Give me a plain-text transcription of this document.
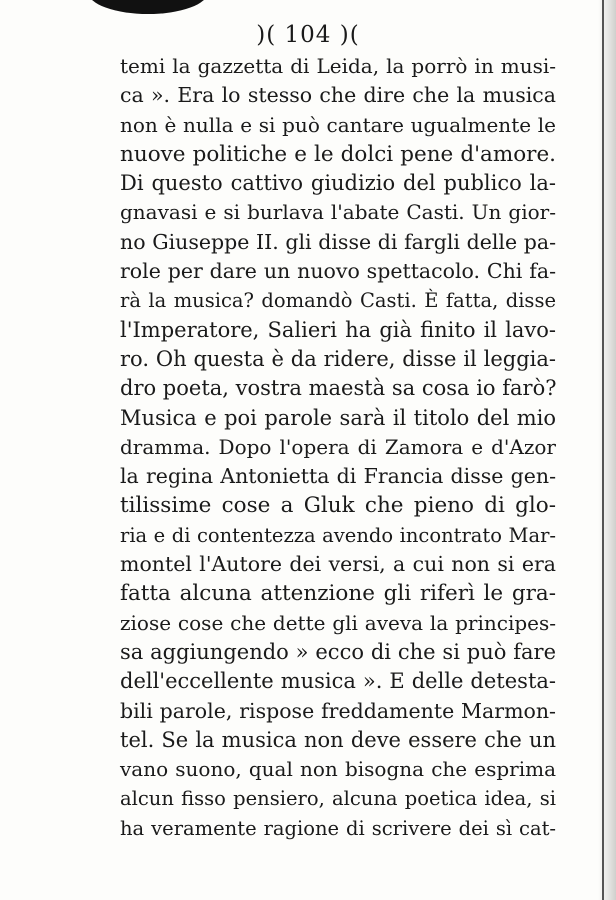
)( 104 )(
temi la gazzetta di Leida, la porrò in musi-
ca ». Era lo stesso che dire che la musica
non è nulla e si può cantare ugualmente le
nuove politiche e le dolci pene d'amore.
Di questo cattivo giudizio del publico la-
gnavasi e si burlava l'abate Casti. Un gior-
no Giuseppe II. gli disse di fargli delle pa-
role per dare un nuovo spettacolo. Chi fa-
rà la musica? domandò Casti. È fatta, disse
l'Imperatore, Salieri ha già finito il lavo-
ro. Oh questa è da ridere, disse il leggia-
dro poeta, vostra maestà sa cosa io farò?
Musica e poi parole sarà il titolo del mio
dramma. Dopo l'opera di Zamora e d'Azor
la regina Antonietta di Francia disse gen-
tilissime cose a Gluk che pieno di glo-
ria e di contentezza avendo incontrato Mar-
montel l'Autore dei versi, a cui non si era
fatta alcuna attenzione gli riferì le gra-
ziose cose che dette gli aveva la principes-
sa aggiungendo » ecco di che si può fare
dell'eccellente musica ». E delle detesta-
bili parole, rispose freddamente Marmon-
tel. Se la musica non deve essere che un
vano suono, qual non bisogna che esprima
alcun fisso pensiero, alcuna poetica idea, si
ha veramente ragione di scrivere dei sì cat-
